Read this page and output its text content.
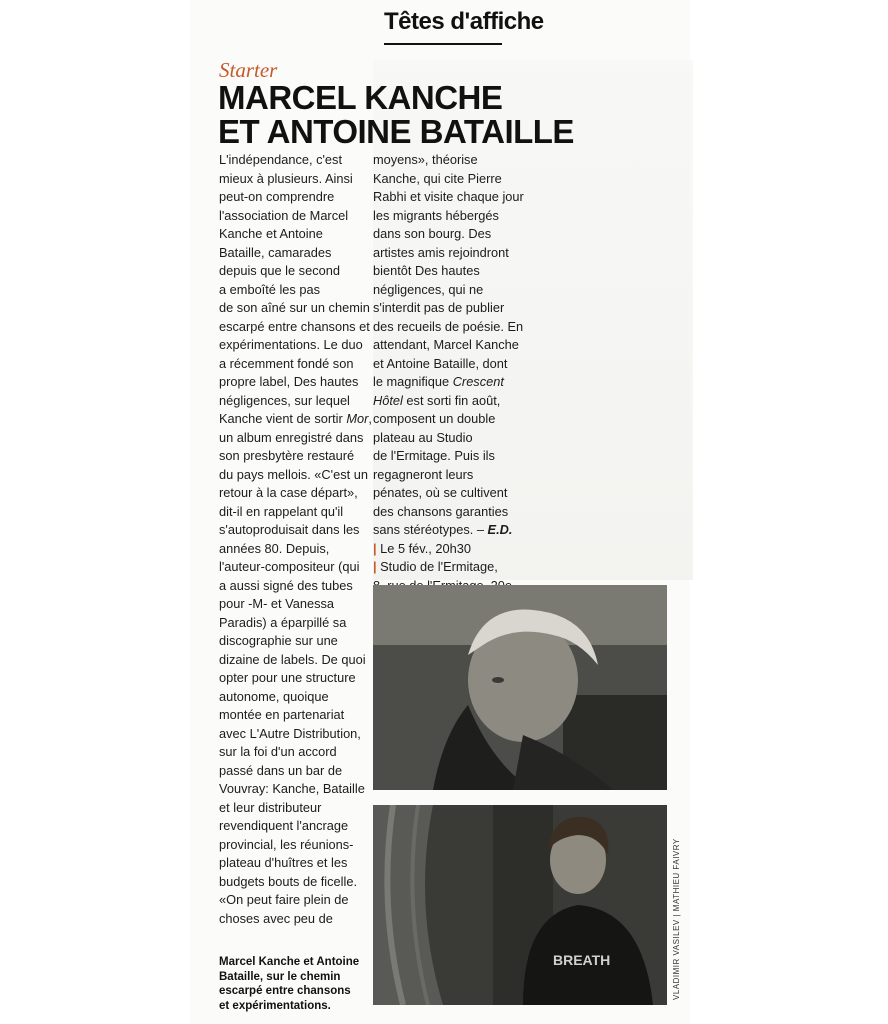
Têtes d'affiche
Starter
MARCEL KANCHE
ET ANTOINE BATAILLE
L'indépendance, c'est
mieux à plusieurs. Ainsi
peut-on comprendre
l'association de Marcel
Kanche et Antoine
Bataille, camarades
depuis que le second
a emboîté les pas
de son aîné sur un chemin
escarpé entre chansons et
expérimentations. Le duo
a récemment fondé son
propre label, Des hautes
négligences, sur lequel
Kanche vient de sortir Mor,
un album enregistré dans
son presbytère restauré
du pays mellois. «C'est un
retour à la case départ»,
dit-il en rappelant qu'il
s'autoproduisait dans les
années 80. Depuis,
l'auteur-compositeur (qui
a aussi signé des tubes
pour -M- et Vanessa
Paradis) a éparpillé sa
discographie sur une
dizaine de labels. De quoi
opter pour une structure
autonome, quoique
montée en partenariat
avec L'Autre Distribution,
sur la foi d'un accord
passé dans un bar de
Vouvray: Kanche, Bataille
et leur distributeur
revendiquent l'ancrage
provincial, les réunions-
plateau d'huîtres et les
budgets bouts de ficelle.
«On peut faire plein de
choses avec peu de
moyens», théorise
Kanche, qui cite Pierre
Rabhi et visite chaque jour
les migrants hébergés
dans son bourg. Des
artistes amis rejoindront
bientôt Des hautes
négligences, qui ne
s'interdit pas de publier
des recueils de poésie. En
attendant, Marcel Kanche
et Antoine Bataille, dont
le magnifique Crescent
Hôtel est sorti fin août,
composent un double
plateau au Studio
de l'Ermitage. Puis ils
regagneront leurs
pénates, où se cultivent
des chansons garanties
sans stéréotypes. – E.D.
| Le 5 fév., 20h30
| Studio de l'Ermitage,
BREATH
Marcel Kanche et Antoine
Bataille, sur le chemin
escarpé entre chansons
et expérimentations.
VLADIMIR VASILEV | MATHIEU FAIVRY
